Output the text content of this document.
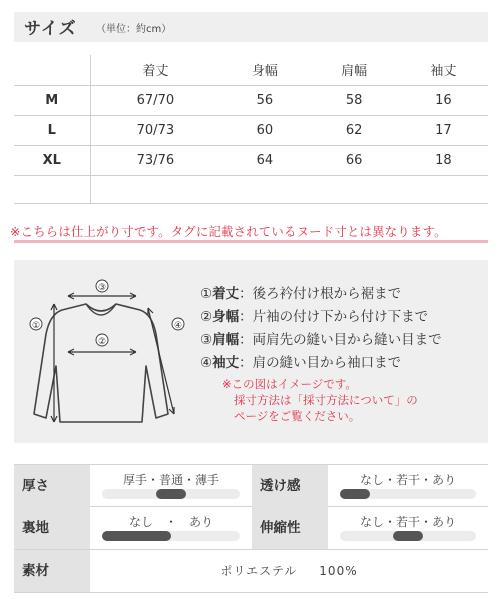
サイズ （単位：約cm）
	着丈	身幅	肩幅	袖丈
M	67/70	56	58	16
L	70/73	60	62	17
XL	73/76	64	66	18

※こちらは仕上がり寸です。タグに記載されているヌード寸とは異なります。
③
②
①	④
①着丈：後ろ衿付け根から裾まで
②身幅：片袖の付け下から付け下まで
③肩幅：両肩先の縫い目から縫い目まで
④袖丈：肩の縫い目から袖口まで
※この図はイメージです。
採寸方法は「採寸方法について」の
ページをご覧ください。
厚さ	厚手・普通・薄手	透け感	なし・若干・あり
裏地	なし　・　あり	伸縮性	なし・若干・あり
素材	ポリエステル 100%
